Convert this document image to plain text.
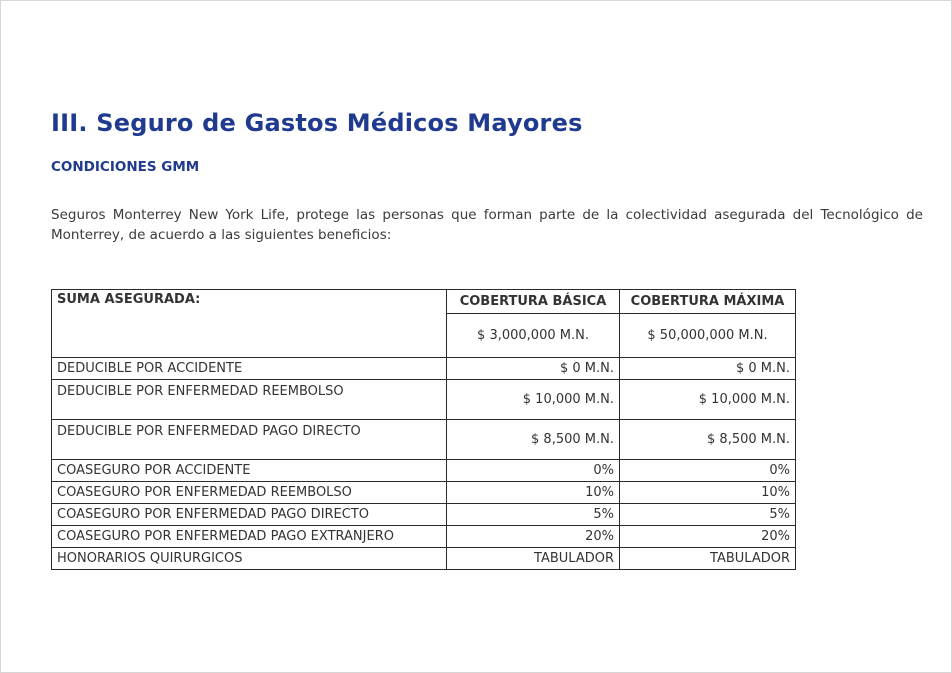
III. Seguro de Gastos Médicos Mayores
CONDICIONES GMM

Seguros Monterrey New York Life, protege las personas que forman parte de la colectividad asegurada del Tecnológico de Monterrey, de acuerdo a las siguientes beneficios:

SUMA ASEGURADA:	COBERTURA BÁSICA	COBERTURA MÁXIMA
	$ 3,000,000 M.N.	$ 50,000,000 M.N.
DEDUCIBLE POR ACCIDENTE	$ 0 M.N.	$ 0 M.N.
DEDUCIBLE POR ENFERMEDAD REEMBOLSO	$ 10,000 M.N.	$ 10,000 M.N.
DEDUCIBLE POR ENFERMEDAD PAGO DIRECTO	$ 8,500 M.N.	$ 8,500 M.N.
COASEGURO POR ACCIDENTE	0%	0%
COASEGURO POR ENFERMEDAD REEMBOLSO	10%	10%
COASEGURO POR ENFERMEDAD PAGO DIRECTO	5%	5%
COASEGURO POR ENFERMEDAD PAGO EXTRANJERO	20%	20%
HONORARIOS QUIRURGICOS	TABULADOR	TABULADOR
